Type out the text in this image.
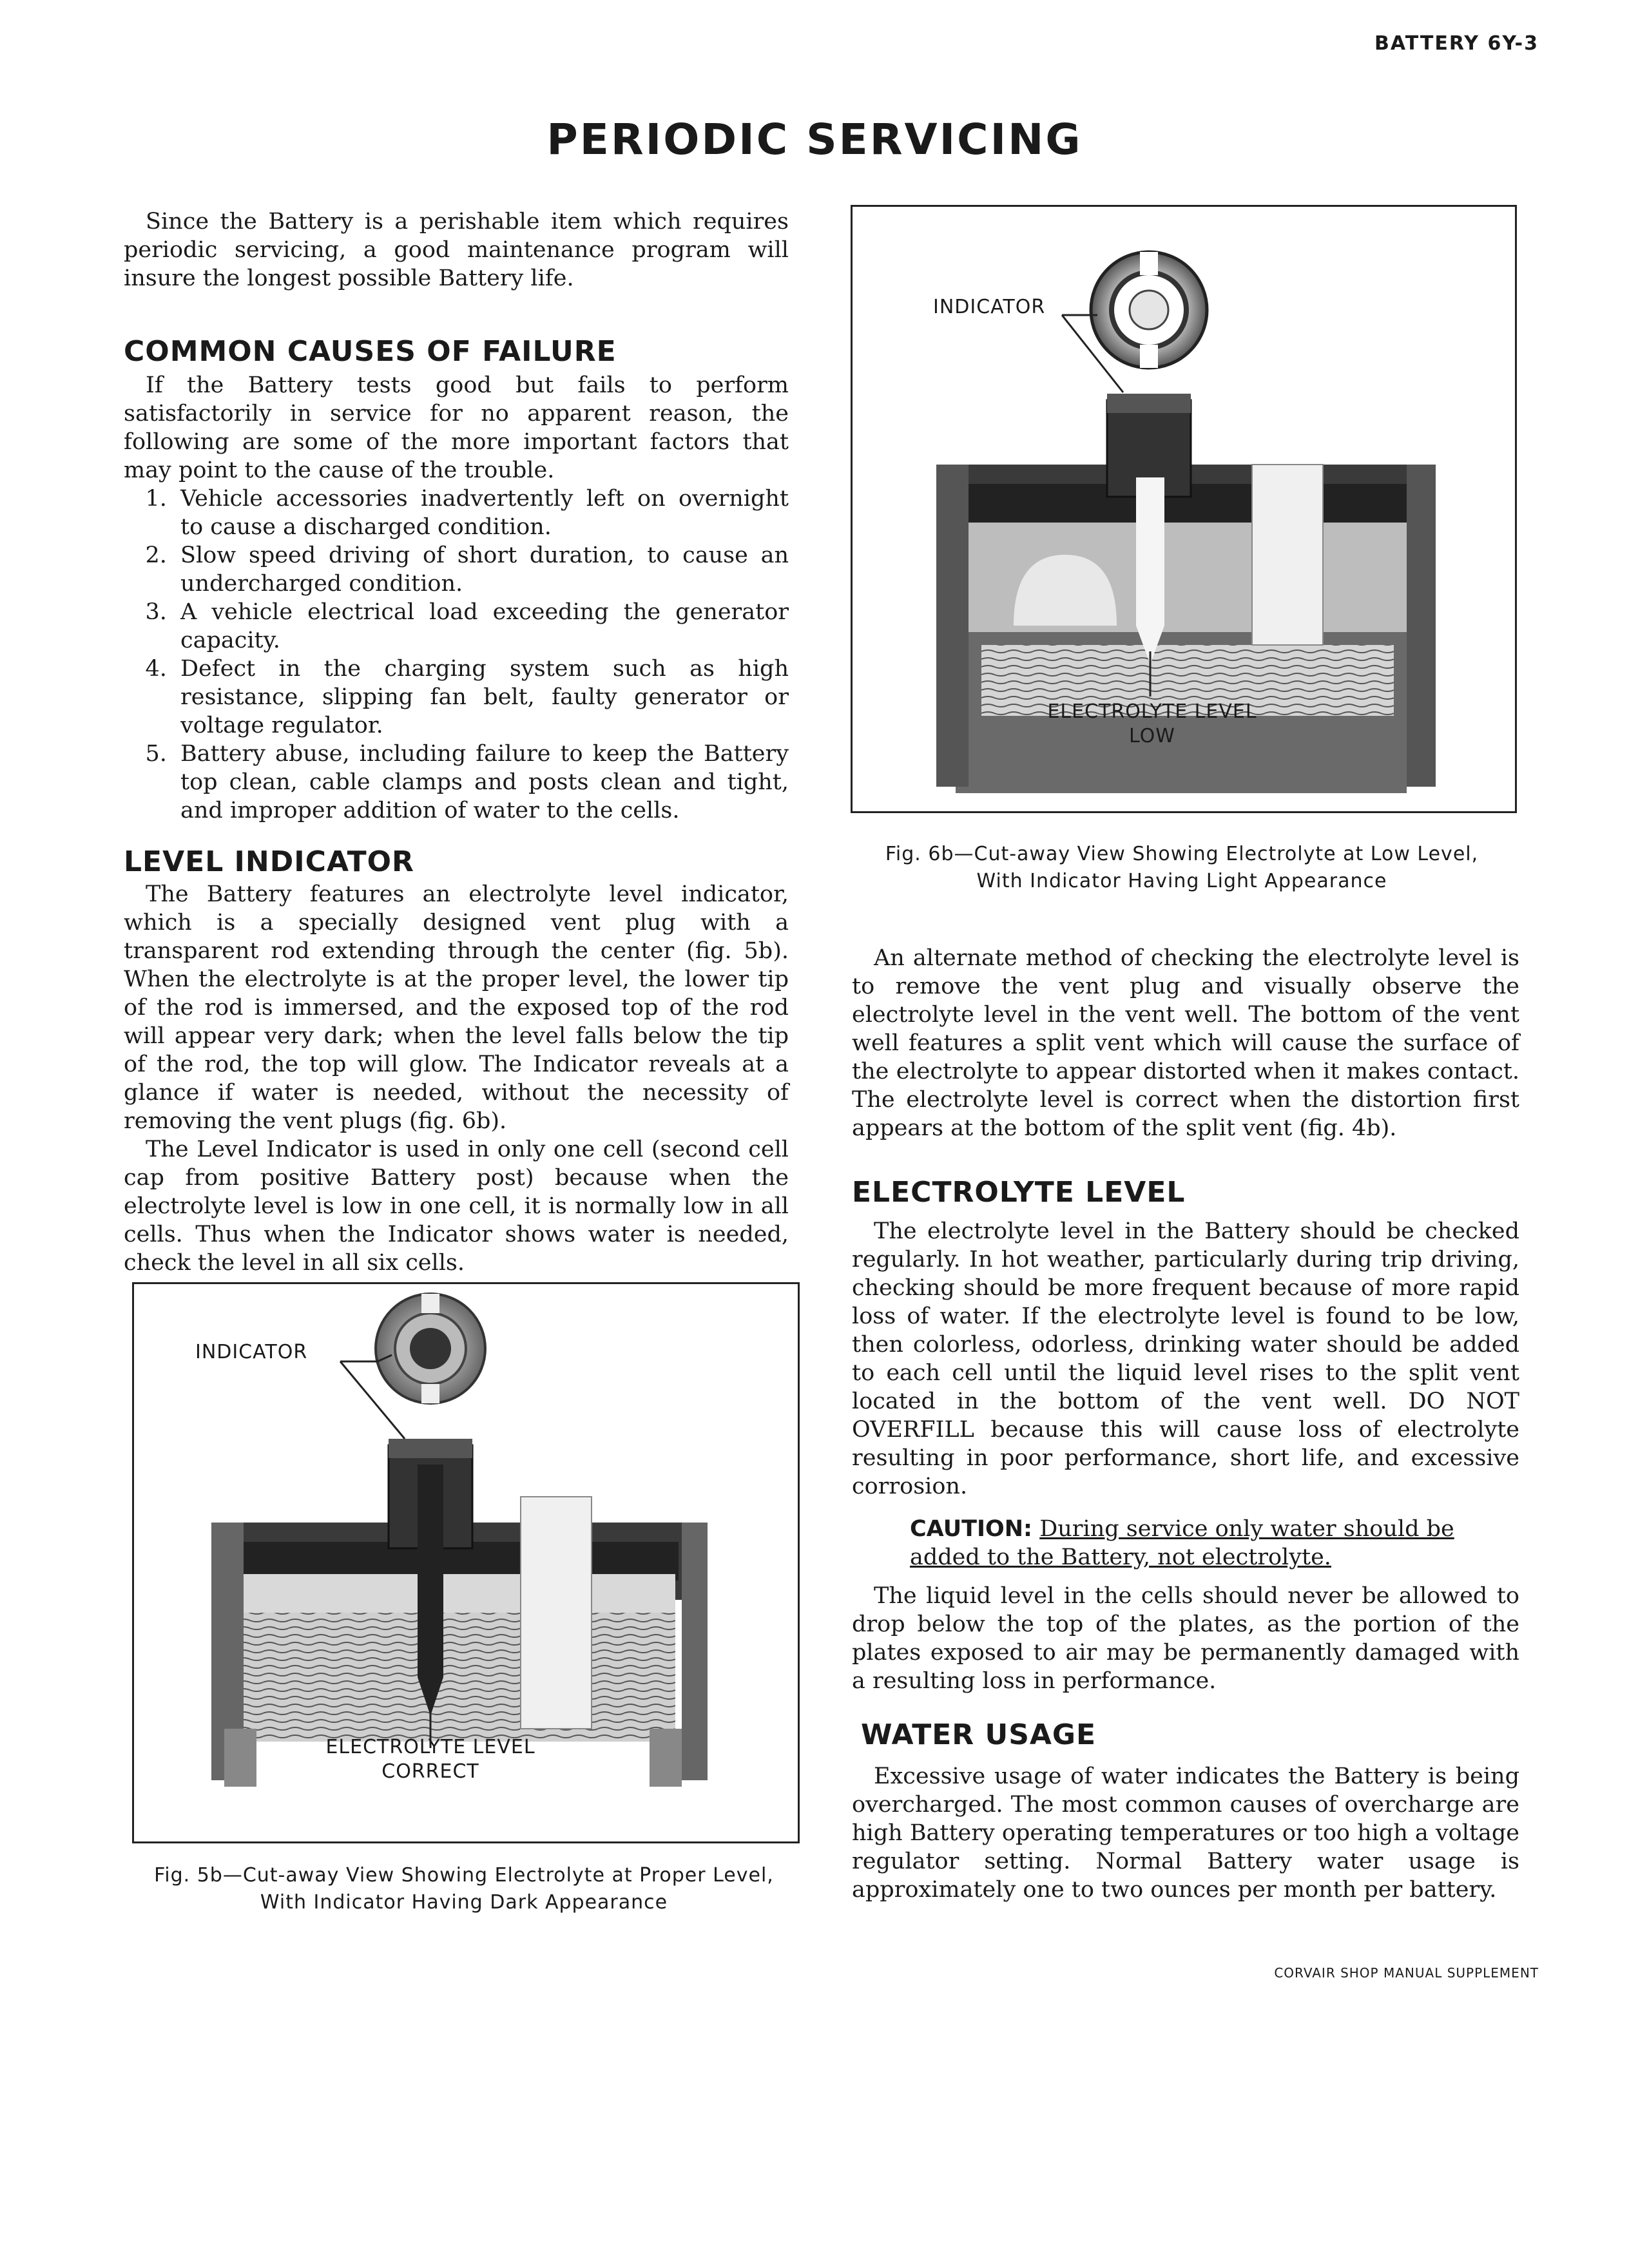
BATTERY 6Y-3
PERIODIC SERVICING

Since the Battery is a perishable item which requires periodic servicing, a good maintenance program will insure the longest possible Battery life.

COMMON CAUSES OF FAILURE

If the Battery tests good but fails to perform satisfactorily in service for no apparent reason, the following are some of the more important factors that may point to the cause of the trouble.

1. Vehicle accessories inadvertently left on overnight to cause a discharged condition.
2. Slow speed driving of short duration, to cause an undercharged condition.
3. A vehicle electrical load exceeding the generator capacity.
4. Defect in the charging system such as high resistance, slipping fan belt, faulty generator or voltage regulator.
5. Battery abuse, including failure to keep the Battery top clean, cable clamps and posts clean and tight, and improper addition of water to the cells.
LEVEL INDICATOR

The Battery features an electrolyte level indicator, which is a specially designed vent plug with a transparent rod extending through the center (fig. 5b). When the electrolyte is at the proper level, the lower tip of the rod is immersed, and the exposed top of the rod will appear very dark; when the level falls below the tip of the rod, the top will glow. The Indicator reveals at a glance if water is needed, without the necessity of removing the vent plugs (fig. 6b).

The Level Indicator is used in only one cell (second cell cap from positive Battery post) because when the electrolyte level is low in one cell, it is normally low in all cells. Thus when the Indicator shows water is needed, check the level in all six cells.

INDICATOR
ELECTROLYTE LEVEL
CORRECT
Fig. 5b—Cut-away View Showing Electrolyte at Proper Level,
With Indicator Having Dark Appearance
INDICATOR
ELECTROLYTE LEVEL
LOW
Fig. 6b—Cut-away View Showing Electrolyte at Low Level,
With Indicator Having Light Appearance

An alternate method of checking the electrolyte level is to remove the vent plug and visually observe the electrolyte level in the vent well. The bottom of the vent well features a split vent which will cause the surface of the electrolyte to appear distorted when it makes contact. The electrolyte level is correct when the distortion first appears at the bottom of the split vent (fig. 4b).

ELECTROLYTE LEVEL

The electrolyte level in the Battery should be checked regularly. In hot weather, particularly during trip driving, checking should be more frequent because of more rapid loss of water. If the electrolyte level is found to be low, then colorless, odorless, drinking water should be added to each cell until the liquid level rises to the split vent located in the bottom of the vent well. DO NOT OVERFILL because this will cause loss of electrolyte resulting in poor performance, short life, and excessive corrosion.

CAUTION: During service only water should be
added to the Battery, not electrolyte.

The liquid level in the cells should never be allowed to drop below the top of the plates, as the portion of the plates exposed to air may be permanently damaged with a resulting loss in performance.

WATER USAGE

Excessive usage of water indicates the Battery is being overcharged. The most common causes of overcharge are high Battery operating temperatures or too high a voltage regulator setting. Normal Battery water usage is approximately one to two ounces per month per battery.

CORVAIR SHOP MANUAL SUPPLEMENT
